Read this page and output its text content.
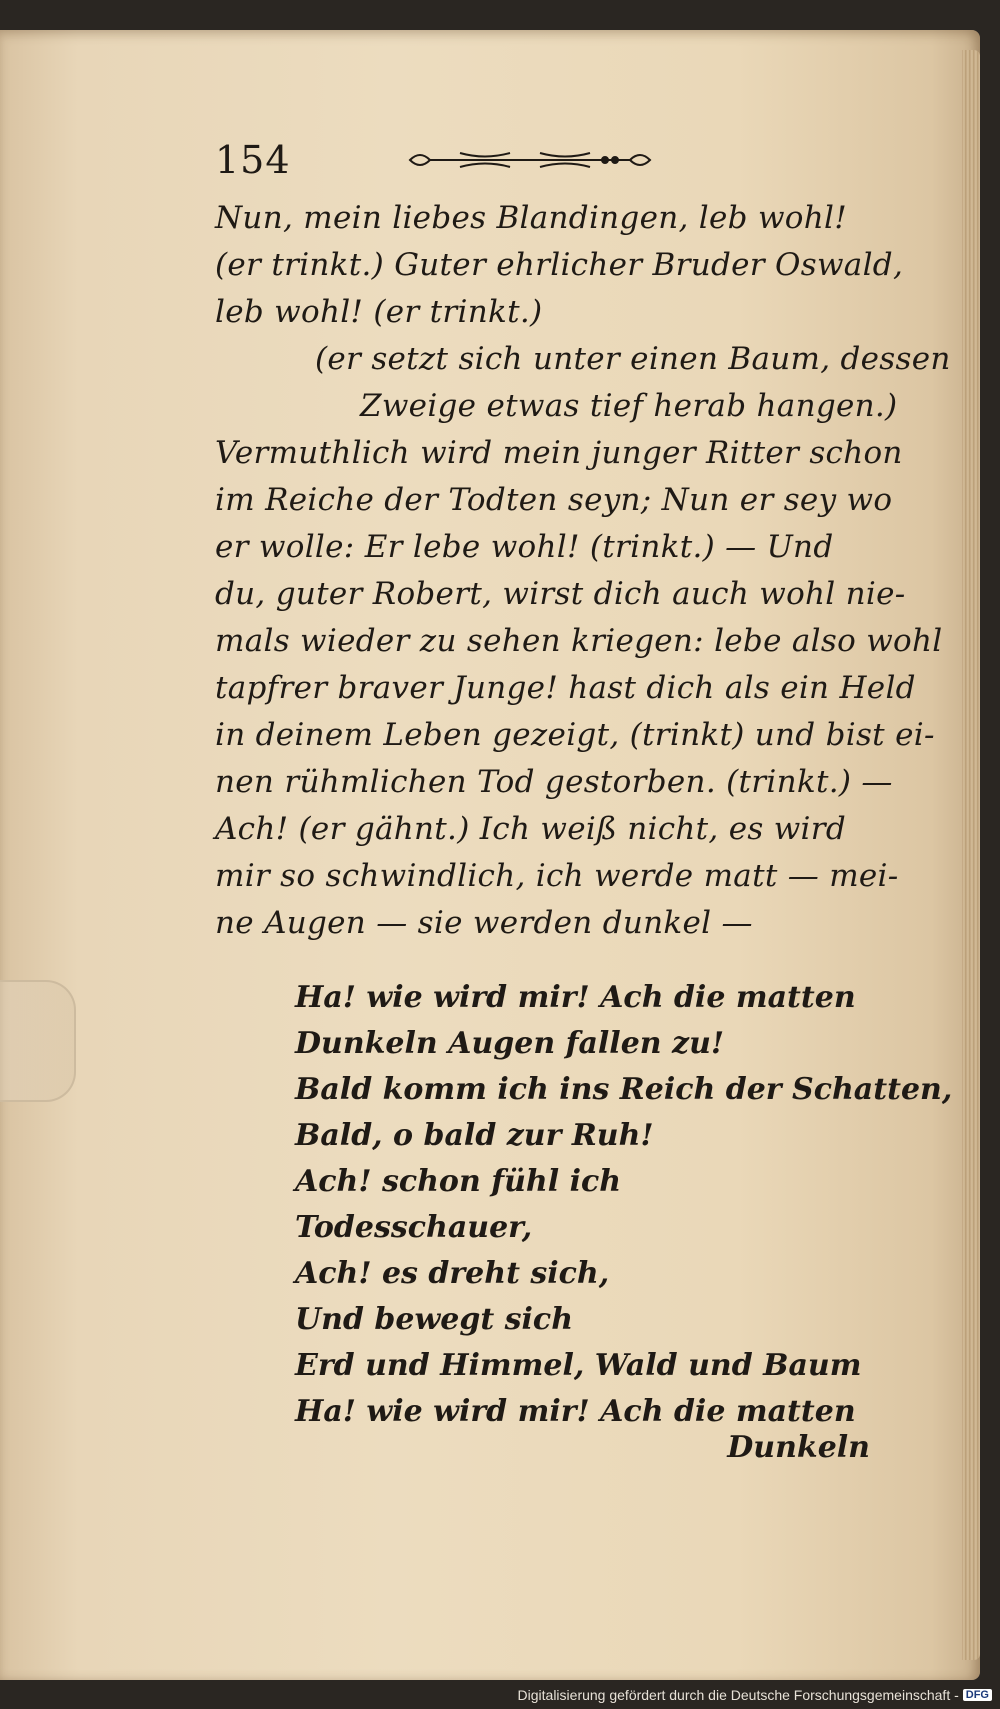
154
Nun, mein liebes Blandingen, leb wohl!
(er trinkt.) Guter ehrlicher Bruder Oswald,
leb wohl! (er trinkt.)
(er setzt sich unter einen Baum, dessen
Zweige etwas tief herab hangen.)
Vermuthlich wird mein junger Ritter schon
im Reiche der Todten seyn; Nun er sey wo
er wolle: Er lebe wohl! (trinkt.) — Und
du, guter Robert, wirst dich auch wohl nie-
mals wieder zu sehen kriegen: lebe also wohl
tapfrer braver Junge! hast dich als ein Held
in deinem Leben gezeigt, (trinkt) und bist ei-
nen rühmlichen Tod gestorben. (trinkt.) —
Ach! (er gähnt.) Ich weiß nicht, es wird
mir so schwindlich, ich werde matt — mei-
ne Augen — sie werden dunkel —
Ha! wie wird mir! Ach die matten
Dunkeln Augen fallen zu!
Bald komm ich ins Reich der Schatten,
Bald, o bald zur Ruh!
Ach! schon fühl ich
Todesschauer,
Ach! es dreht sich,
Und bewegt sich
Erd und Himmel, Wald und Baum
Ha! wie wird mir! Ach die matten
Dunkeln
Digitalisierung gefördert durch die Deutsche Forschungsgemeinschaft - DFG
